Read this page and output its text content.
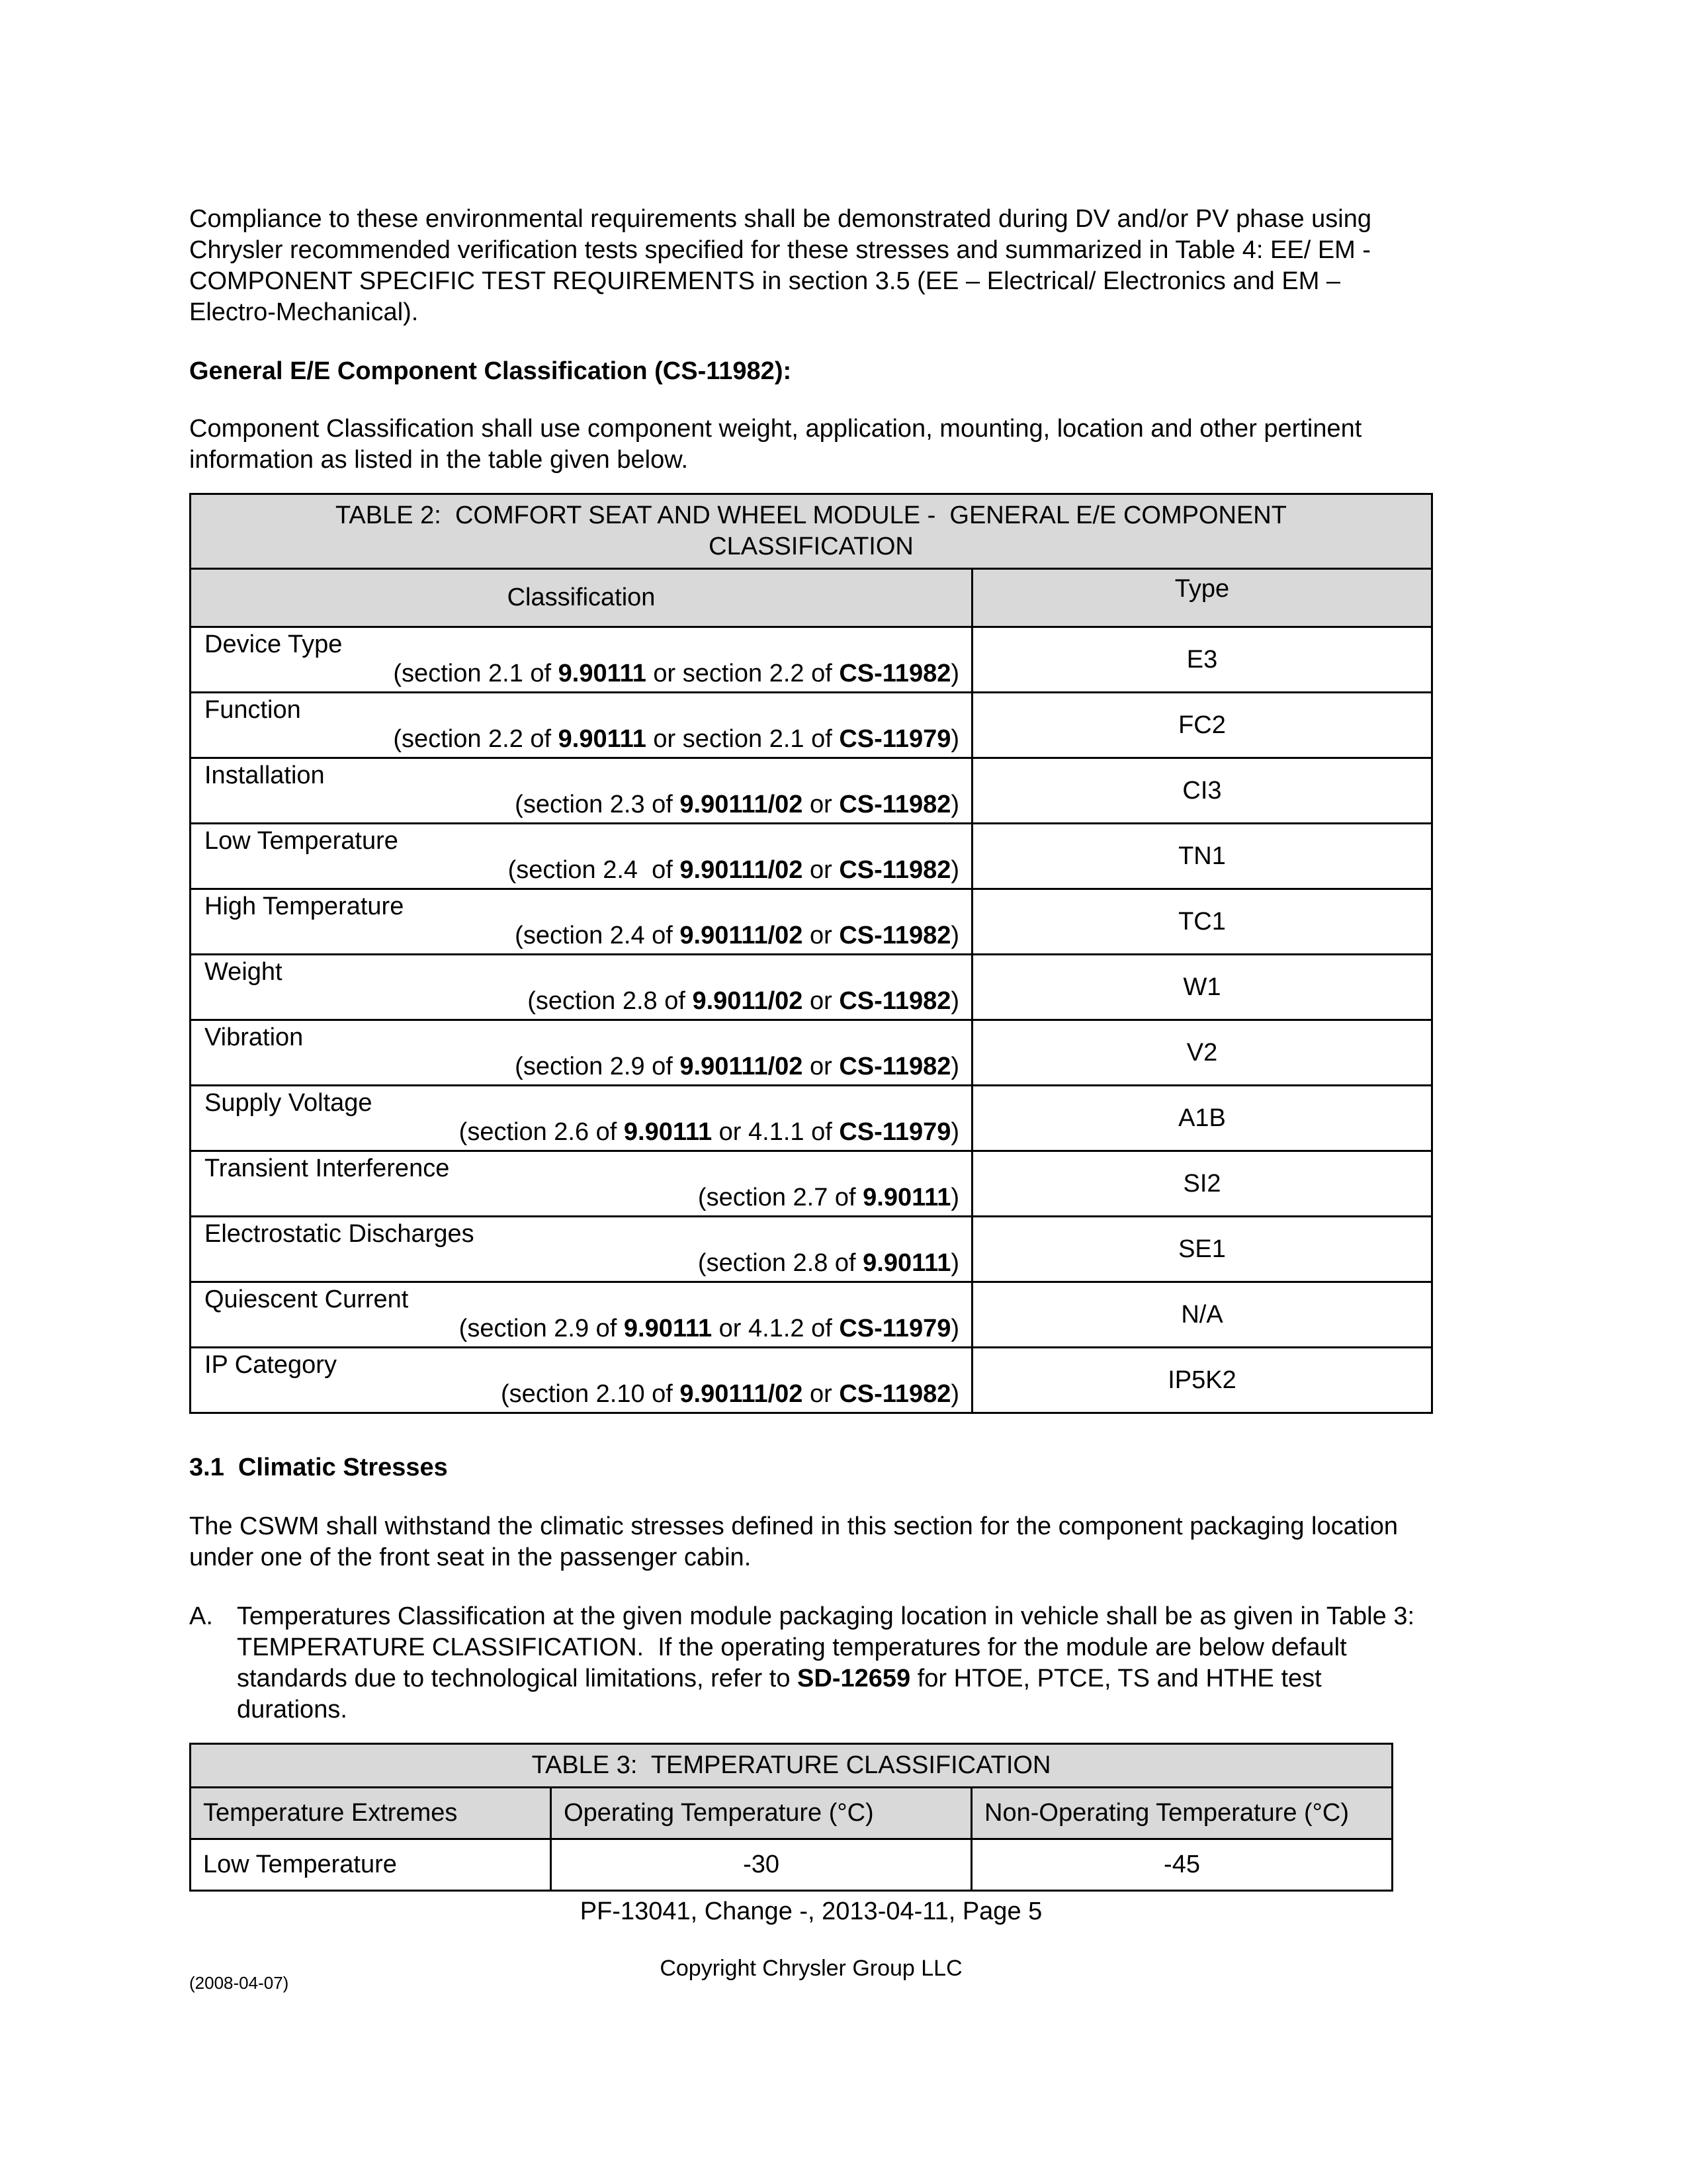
Compliance to these environmental requirements shall be demonstrated during DV and/or PV phase using Chrysler recommended verification tests specified for these stresses and summarized in Table 4: EE/ EM - COMPONENT SPECIFIC TEST REQUIREMENTS in section 3.5 (EE – Electrical/ Electronics and EM – Electro-Mechanical).

General E/E Component Classification (CS-11982):

Component Classification shall use component weight, application, mounting, location and other pertinent information as listed in the table given below.

TABLE 2:  COMFORT SEAT AND WHEEL MODULE -  GENERAL E/E COMPONENT CLASSIFICATION	
Classification	Type

Device Type
(section 2.1 of 9.90111 or section 2.2 of CS-11982)	E3

Function
(section 2.2 of 9.90111 or section 2.1 of CS-11979)	FC2

Installation
(section 2.3 of 9.90111/02 or CS-11982)	CI3

Low Temperature
(section 2.4  of 9.90111/02 or CS-11982)	TN1

High Temperature
(section 2.4 of 9.90111/02 or CS-11982)	TC1

Weight
(section 2.8 of 9.9011/02 or CS-11982)	W1

Vibration
(section 2.9 of 9.90111/02 or CS-11982)	V2

Supply Voltage
(section 2.6 of 9.90111 or 4.1.1 of CS-11979)	A1B

Transient Interference
(section 2.7 of 9.90111)	SI2

Electrostatic Discharges
(section 2.8 of 9.90111)	SE1

Quiescent Current
(section 2.9 of 9.90111 or 4.1.2 of CS-11979)	N/A

IP Category
(section 2.10 of 9.90111/02 or CS-11982)	IP5K2

3.1  Climatic Stresses

The CSWM shall withstand the climatic stresses defined in this section for the component packaging location under one of the front seat in the passenger cabin.

A. Temperatures Classification at the given module packaging location in vehicle shall be as given in Table 3: TEMPERATURE CLASSIFICATION.  If the operating temperatures for the module are below default standards due to technological limitations, refer to SD-12659 for HTOE, PTCE, TS and HTHE test durations.
TABLE 3:  TEMPERATURE CLASSIFICATION		
Temperature Extremes	Operating Temperature (°C)	Non-Operating Temperature (°C)
Low Temperature	-30	-45

PF-13041, Change -, 2013-04-11, Page 5

Copyright Chrysler Group LLC

(2008-04-07)
